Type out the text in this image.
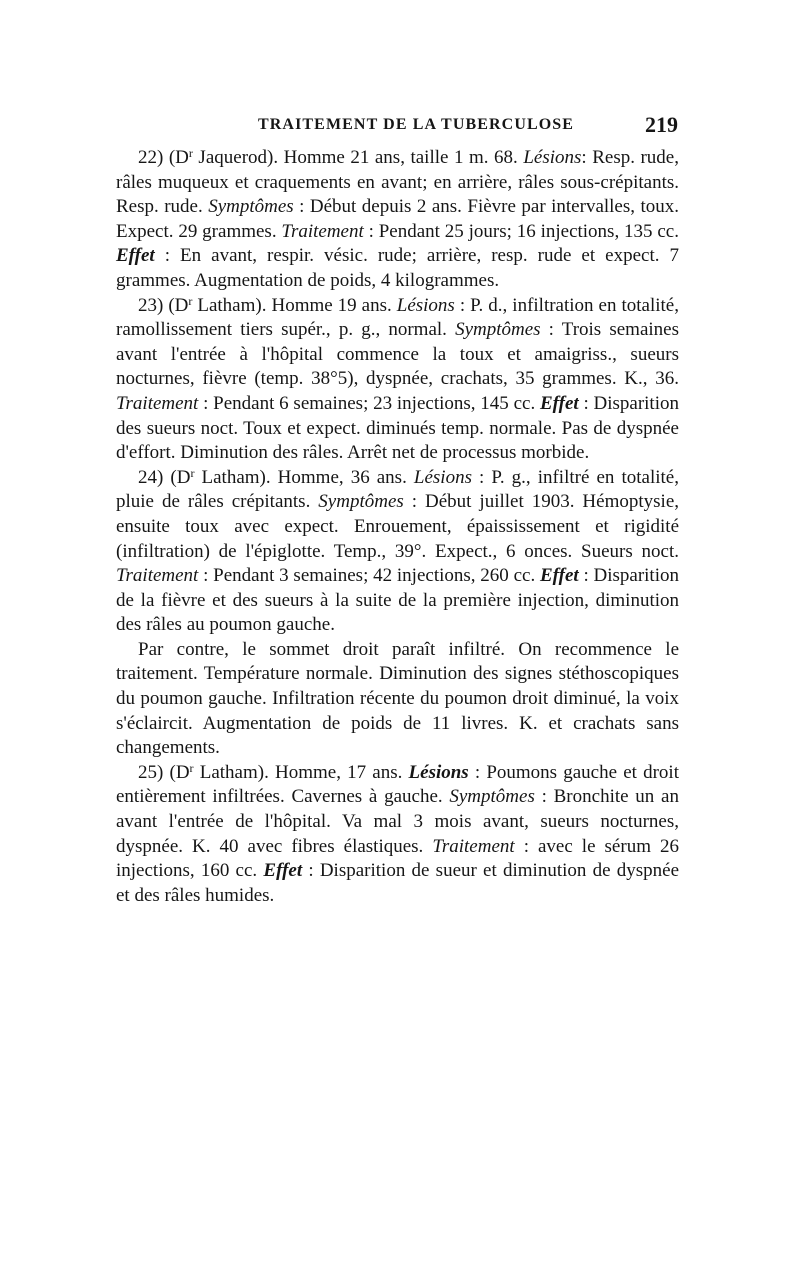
TRAITEMENT DE LA TUBERCULOSE	219

22) ($D^r$ Jaquerod). Homme 21 ans, taille 1 m. 68. Lésions: Resp. rude, râles muqueux et craquements en avant; en arrière, râles sous-crépitants. Resp. rude. Symptômes : Début depuis 2 ans. Fièvre par intervalles, toux. Expect. 29 grammes. Traitement : Pendant 25 jours; 16 injections, 135 cc. Effet : En avant, respir. vésic. rude; arrière, resp. rude et expect. 7 grammes. Augmentation de poids, 4 kilogrammes.

23) ($D^r$ Latham). Homme 19 ans. Lésions : P. d., infiltration en totalité, ramollissement tiers supér., p. g., normal. Symptômes : Trois semaines avant l'entrée à l'hôpital commence la toux et amaigriss., sueurs nocturnes, fièvre (temp. 38°5), dyspnée, crachats, 35 grammes. K., 36. Traitement : Pendant 6 semaines; 23 injections, 145 cc. Effet : Disparition des sueurs noct. Toux et expect. diminués temp. normale. Pas de dyspnée d'effort. Diminution des râles. Arrêt net de processus morbide.

24) ($D^r$ Latham). Homme, 36 ans. Lésions : P. g., infiltré en totalité, pluie de râles crépitants. Symptômes : Début juillet 1903. Hémoptysie, ensuite toux avec expect. Enrouement, épaississement et rigidité (infiltration) de l'épiglotte. Temp., 39°. Expect., 6 onces. Sueurs noct. Traitement : Pendant 3 semaines; 42 injections, 260 cc. Effet : Disparition de la fièvre et des sueurs à la suite de la première injection, diminution des râles au poumon gauche.

Par contre, le sommet droit paraît infiltré. On recommence le traitement. Température normale. Diminution des signes stéthoscopiques du poumon gauche. Infiltration récente du poumon droit diminué, la voix s'éclaircit. Augmentation de poids de 11 livres. K. et crachats sans changements.

25) ($D^r$ Latham). Homme, 17 ans. Lésions : Poumons gauche et droit entièrement infiltrées. Cavernes à gauche. Symptômes : Bronchite un an avant l'entrée de l'hôpital. Va mal 3 mois avant, sueurs nocturnes, dyspnée. K. 40 avec fibres élastiques. Traitement : avec le sérum 26 injections, 160 cc. Effet : Disparition de sueur et diminution de dyspnée et des râles humides.
